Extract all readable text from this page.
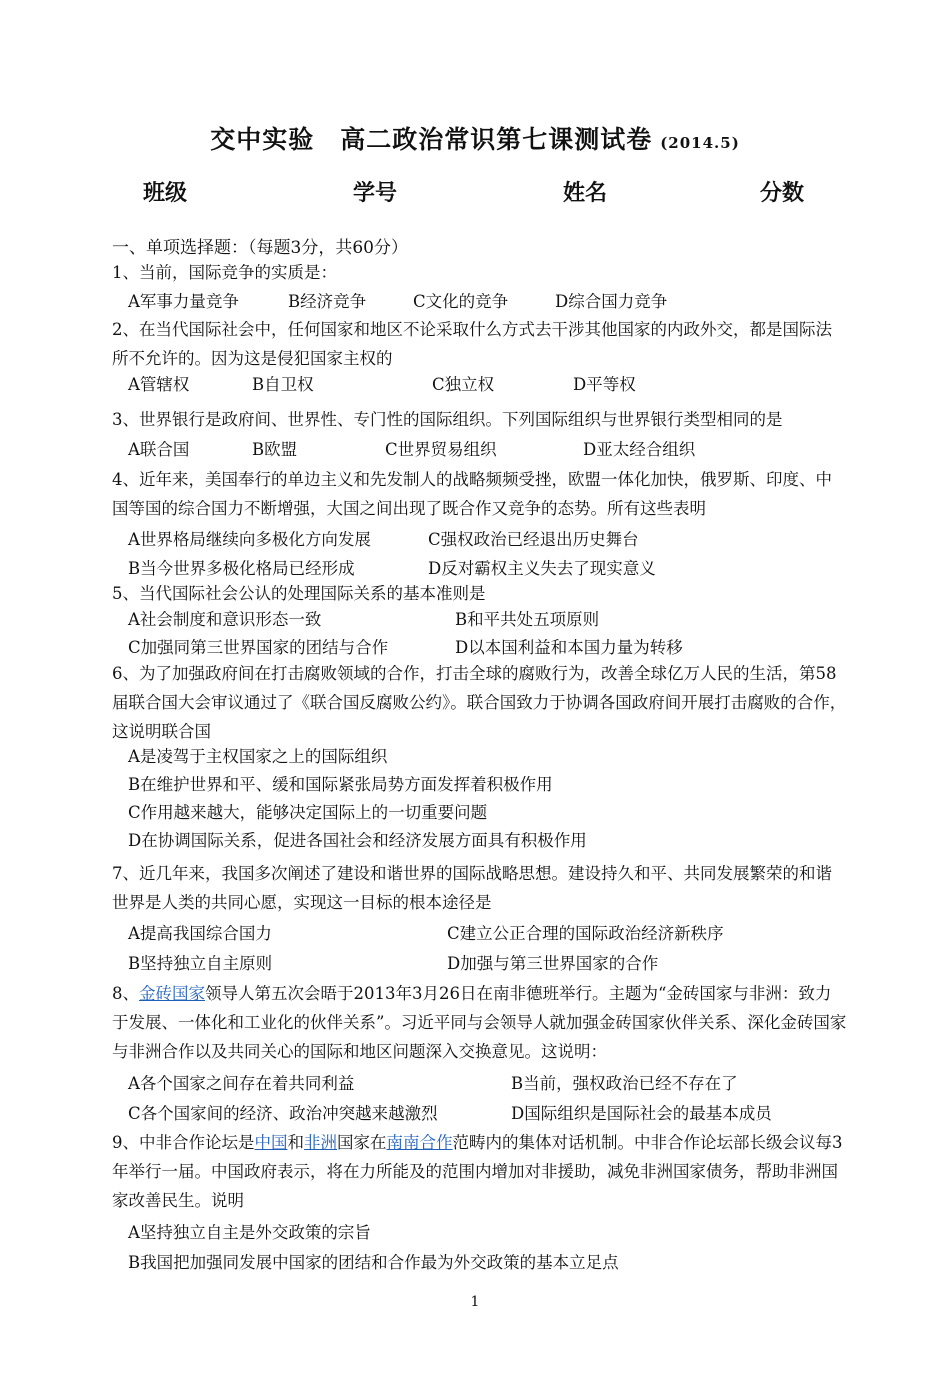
交中实验　高二政治常识第七课测试卷 (2014.5)
班级	学号	姓名	分数
一、单项选择题：（每题3分，共60分）
1、当前，国际竞争的实质是：
A军事力量竞争	B经济竞争	C文化的竞争	D综合国力竞争
2、在当代国际社会中，任何国家和地区不论采取什么方式去干涉其他国家的内政外交，都是国际法所不允许的。因为这是侵犯国家主权的
A管辖权	B自卫权	C独立权	D平等权
3、世界银行是政府间、世界性、专门性的国际组织。下列国际组织与世界银行类型相同的是
A联合国	B欧盟	C世界贸易组织	D亚太经合组织
4、近年来，美国奉行的单边主义和先发制人的战略频频受挫，欧盟一体化加快，俄罗斯、印度、中国等国的综合国力不断增强，大国之间出现了既合作又竞争的态势。所有这些表明
A世界格局继续向多极化方向发展	C强权政治已经退出历史舞台
B当今世界多极化格局已经形成	D反对霸权主义失去了现实意义
5、当代国际社会公认的处理国际关系的基本准则是
A社会制度和意识形态一致	B和平共处五项原则
C加强同第三世界国家的团结与合作	D以本国利益和本国力量为转移
6、为了加强政府间在打击腐败领域的合作，打击全球的腐败行为，改善全球亿万人民的生活，第58届联合国大会审议通过了《联合国反腐败公约》。联合国致力于协调各国政府间开展打击腐败的合作，这说明联合国
A是凌驾于主权国家之上的国际组织
B在维护世界和平、缓和国际紧张局势方面发挥着积极作用
C作用越来越大，能够决定国际上的一切重要问题
D在协调国际关系，促进各国社会和经济发展方面具有积极作用
7、近几年来，我国多次阐述了建设和谐世界的国际战略思想。建设持久和平、共同发展繁荣的和谐世界是人类的共同心愿，实现这一目标的根本途径是
A提高我国综合国力	C建立公正合理的国际政治经济新秩序
B坚持独立自主原则	D加强与第三世界国家的合作
8、金砖国家领导人第五次会晤于2013年3月26日在南非德班举行。主题为“金砖国家与非洲：致力于发展、一体化和工业化的伙伴关系”。习近平同与会领导人就加强金砖国家伙伴关系、深化金砖国家与非洲合作以及共同关心的国际和地区问题深入交换意见。这说明：
A各个国家之间存在着共同利益	B当前，强权政治已经不存在了
C各个国家间的经济、政治冲突越来越激烈	D国际组织是国际社会的最基本成员
9、中非合作论坛是中国和非洲国家在南南合作范畴内的集体对话机制。中非合作论坛部长级会议每3年举行一届。中国政府表示，将在力所能及的范围内增加对非援助，减免非洲国家债务，帮助非洲国家改善民生。说明
A坚持独立自主是外交政策的宗旨
B我国把加强同发展中国家的团结和合作最为外交政策的基本立足点
1
